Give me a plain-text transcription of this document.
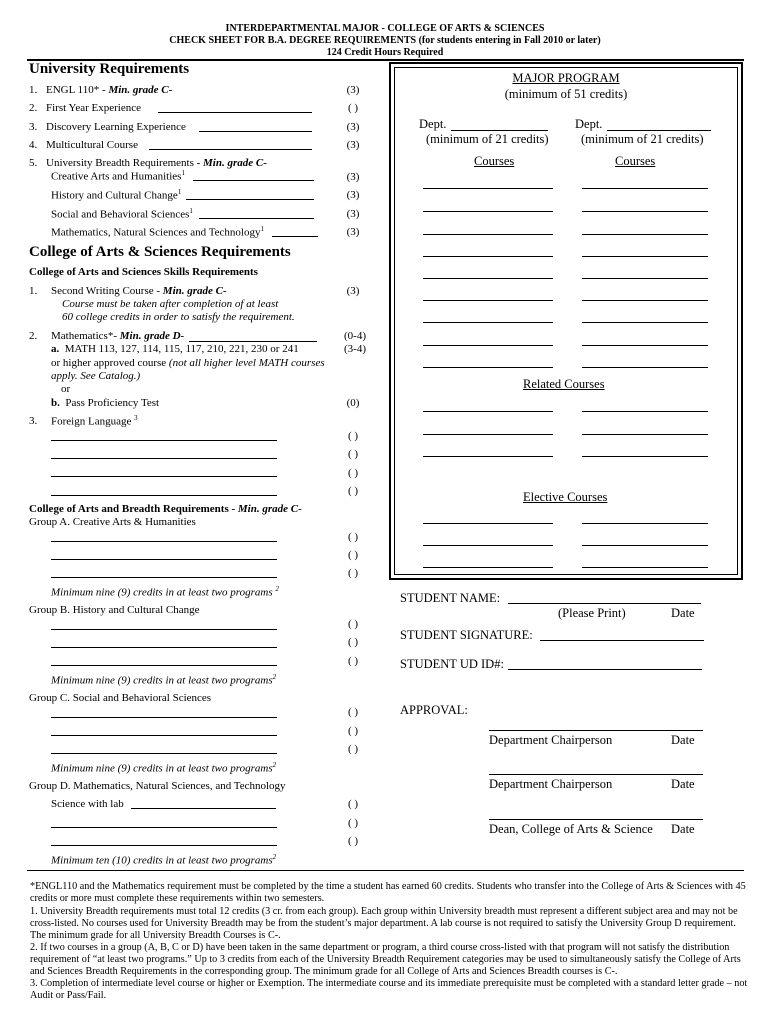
INTERDEPARTMENTAL MAJOR - COLLEGE OF ARTS & SCIENCES
CHECK SHEET FOR B.A. DEGREE REQUIREMENTS (for students entering in Fall 2010 or later)
124 Credit Hours Required
University Requirements
1. ENGL 110* - Min. grade C-	(3)
2. First Year Experience	( )
3. Discovery Learning Experience	(3)
4. Multicultural Course	(3)
5. University Breadth Requirements - Min. grade C-
Creative Arts and Humanities$^1$	(3)
History and Cultural Change$^1$	(3)
Social and Behavioral Sciences$^1$	(3)
Mathematics, Natural Sciences and Technology$^1$	(3)
College of Arts & Sciences Requirements
College of Arts and Sciences Skills Requirements
1. Second Writing Course - Min. grade C-
Course must be taken after completion of at least
60 college credits in order to satisfy the requirement.
(3)
2. Mathematics*- Min. grade D-	(0-4)
a. MATH 113, 127, 114, 115, 117, 210, 221, 230 or 241	(3-4)
or higher approved course (not all higher level MATH courses
apply. See Catalog.)
or
b. Pass Proficiency Test	(0)
3. Foreign Language $^3$
( )
( )
( )
( )
College of Arts and Breadth Requirements - Min. grade C-
Group A. Creative Arts & Humanities
( )
( )
( )
Minimum nine (9) credits in at least two programs $^2$
Group B. History and Cultural Change
( )
( )
( )
Minimum nine (9) credits in at least two programs$^2$
Group C. Social and Behavioral Sciences
( )
( )
( )
Minimum nine (9) credits in at least two programs$^2$
Group D. Mathematics, Natural Sciences, and Technology
Science with lab	( )
( )
( )
Minimum ten (10) credits in at least two programs$^2$
MAJOR PROGRAM
(minimum of 51 credits)
Dept.
(minimum of 21 credits)
Dept.
(minimum of 21 credits)
Courses	Courses
Related Courses
Elective Courses
STUDENT NAME:
(Please Print)	Date
STUDENT SIGNATURE:
STUDENT UD ID#:
APPROVAL:
Department Chairperson	Date
Department Chairperson	Date
Dean, College of Arts & Science Date
*ENGL110 and the Mathematics requirement must be completed by the time a student has earned 60 credits. Students who transfer into the College of Arts & Sciences with 45 credits or more must complete these requirements within two semesters.
1. University Breadth requirements must total 12 credits (3 cr. from each group). Each group within University breadth must represent a different subject area and may not be cross-listed. No courses used for University Breadth may be from the student’s major department. A lab course is not required to satisfy the University Group D requirement. The minimum grade for all University Breadth Courses is C-.
2. If two courses in a group (A, B, C or D) have been taken in the same department or program, a third course cross-listed with that program will not satisfy the distribution requirement of “at least two programs.” Up to 3 credits from each of the University Breadth Requirement categories may be used to simultaneously satisfy the College of Arts and Sciences Breadth Requirements in the corresponding group. The minimum grade for all College of Arts and Sciences Breadth courses is C-.
3. Completion of intermediate level course or higher or Exemption. The intermediate course and its immediate prerequisite must be completed with a standard letter grade – not Audit or Pass/Fail.
